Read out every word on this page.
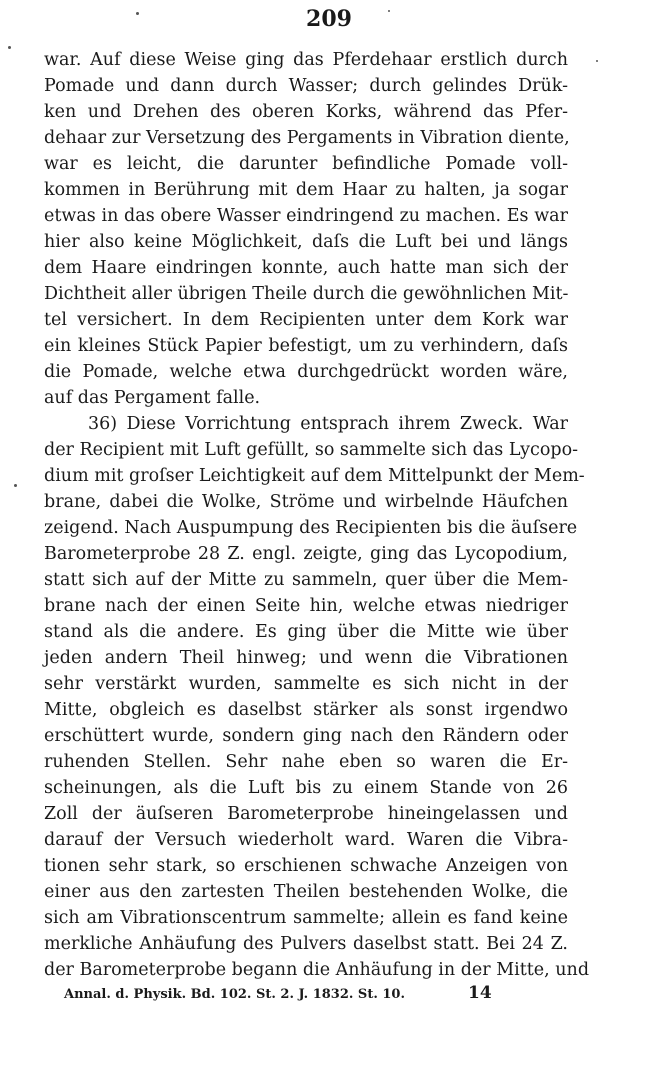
209
war. Auf diese Weise ging das Pferdehaar erstlich durch
Pomade und dann durch Wasser; durch gelindes Drük-
ken und Drehen des oberen Korks, während das Pfer-
dehaar zur Versetzung des Pergaments in Vibration diente,
war es leicht, die darunter befindliche Pomade voll-
kommen in Berührung mit dem Haar zu halten, ja sogar
etwas in das obere Wasser eindringend zu machen. Es war
hier also keine Möglichkeit, daſs die Luft bei und längs
dem Haare eindringen konnte, auch hatte man sich der
Dichtheit aller übrigen Theile durch die gewöhnlichen Mit-
tel versichert. In dem Recipienten unter dem Kork war
ein kleines Stück Papier befestigt, um zu verhindern, daſs
die Pomade, welche etwa durchgedrückt worden wäre,
auf das Pergament falle.
36) Diese Vorrichtung entsprach ihrem Zweck. War
der Recipient mit Luft gefüllt, so sammelte sich das Lycopo-
dium mit groſser Leichtigkeit auf dem Mittelpunkt der Mem-
brane, dabei die Wolke, Ströme und wirbelnde Häufchen
zeigend. Nach Auspumpung des Recipienten bis die äuſsere
Barometerprobe 28 Z. engl. zeigte, ging das Lycopodium,
statt sich auf der Mitte zu sammeln, quer über die Mem-
brane nach der einen Seite hin, welche etwas niedriger
stand als die andere. Es ging über die Mitte wie über
jeden andern Theil hinweg; und wenn die Vibrationen
sehr verstärkt wurden, sammelte es sich nicht in der
Mitte, obgleich es daselbst stärker als sonst irgendwo
erschüttert wurde, sondern ging nach den Rändern oder
ruhenden Stellen. Sehr nahe eben so waren die Er-
scheinungen, als die Luft bis zu einem Stande von 26
Zoll der äuſseren Barometerprobe hineingelassen und
darauf der Versuch wiederholt ward. Waren die Vibra-
tionen sehr stark, so erschienen schwache Anzeigen von
einer aus den zartesten Theilen bestehenden Wolke, die
sich am Vibrationscentrum sammelte; allein es fand keine
merkliche Anhäufung des Pulvers daselbst statt. Bei 24 Z.
der Barometerprobe begann die Anhäufung in der Mitte, und
Annal. d. Physik. Bd. 102. St. 2. J. 1832. St. 10.	14
